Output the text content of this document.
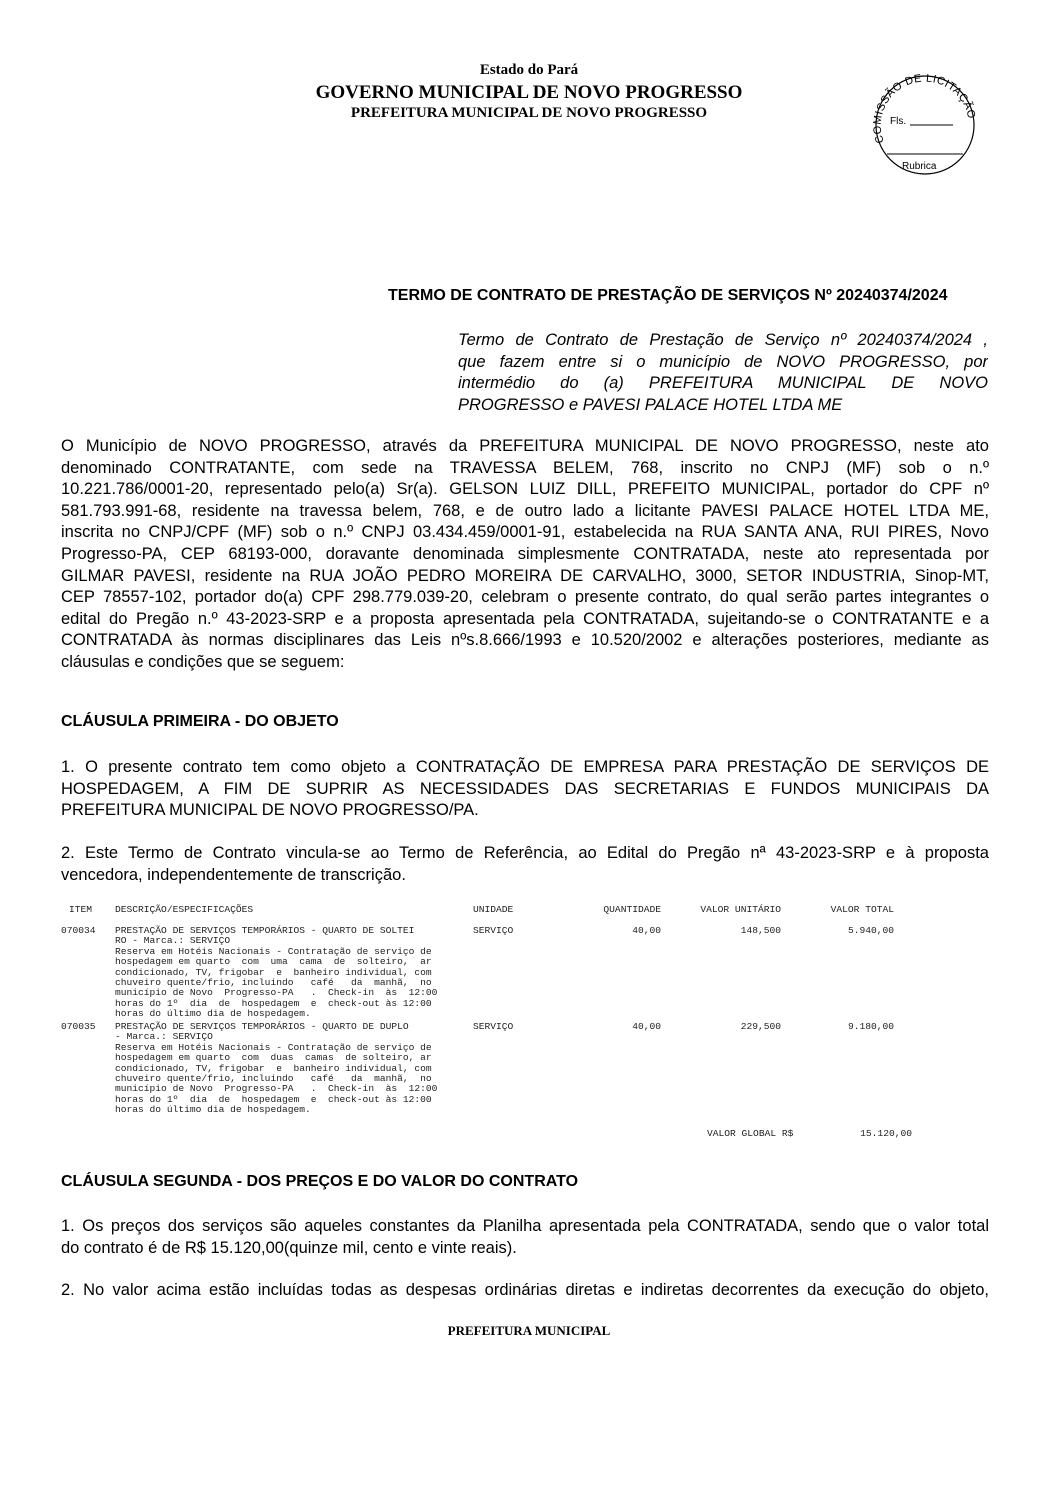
Estado do Pará
GOVERNO MUNICIPAL DE NOVO PROGRESSO
PREFEITURA MUNICIPAL DE NOVO PROGRESSO
COMISSÃO DE LICITAÇÃO
Fls.
Rubrica
TERMO DE CONTRATO DE PRESTAÇÃO DE SERVIÇOS Nº 20240374/2024
Termo de Contrato de Prestação de Serviço nº 20240374/2024 ,
que fazem entre si o município de NOVO PROGRESSO, por
intermédio do (a) PREFEITURA MUNICIPAL DE NOVO
PROGRESSO e PAVESI PALACE HOTEL LTDA ME
O Município de NOVO PROGRESSO, através da PREFEITURA MUNICIPAL DE NOVO PROGRESSO, neste ato
denominado CONTRATANTE, com sede na TRAVESSA BELEM, 768, inscrito no CNPJ (MF) sob o n.º
10.221.786/0001-20, representado pelo(a) Sr(a). GELSON LUIZ DILL, PREFEITO MUNICIPAL, portador do CPF nº
581.793.991-68, residente na travessa belem, 768, e de outro lado a licitante PAVESI PALACE HOTEL LTDA ME,
inscrita no CNPJ/CPF (MF) sob o n.º CNPJ 03.434.459/0001-91, estabelecida na RUA SANTA ANA, RUI PIRES, Novo
Progresso-PA, CEP 68193-000, doravante denominada simplesmente CONTRATADA, neste ato representada por
GILMAR PAVESI, residente na RUA JOÃO PEDRO MOREIRA DE CARVALHO, 3000, SETOR INDUSTRIA, Sinop-MT,
CEP 78557-102, portador do(a) CPF 298.779.039-20, celebram o presente contrato, do qual serão partes integrantes o
edital do Pregão n.º 43-2023-SRP e a proposta apresentada pela CONTRATADA, sujeitando-se o CONTRATANTE e a
CONTRATADA às normas disciplinares das Leis nºs.8.666/1993 e 10.520/2002 e alterações posteriores, mediante as
cláusulas e condições que se seguem:
CLÁUSULA PRIMEIRA - DO OBJETO
1. O presente contrato tem como objeto a CONTRATAÇÃO DE EMPRESA PARA PRESTAÇÃO DE SERVIÇOS DE
HOSPEDAGEM, A FIM DE SUPRIR AS NECESSIDADES DAS SECRETARIAS E FUNDOS MUNICIPAIS DA
PREFEITURA MUNICIPAL DE NOVO PROGRESSO/PA.
2. Este Termo de Contrato vincula-se ao Termo de Referência, ao Edital do Pregão nª 43-2023-SRP e à proposta
vencedora, independentemente de transcrição.
ITEM DESCRIÇÃO/ESPECIFICAÇÕES	UNIDADE	QUANTIDADE	VALOR UNITÁRIO	VALOR TOTAL
070034 PRESTAÇÃO DE SERVIÇOS TEMPORÁRIOS - QUARTO DE SOLTEI
RO - Marca.: SERVIÇO
Reserva em Hotéis Nacionais - Contratação de serviço de
hospedagem em quarto  com  uma  cama  de  solteiro,  ar
condicionado, TV, frigobar  e  banheiro individual, com
chuveiro quente/frio, incluindo   café   da  manhã,  no
município de Novo  Progresso-PA   .  Check-in  às  12:00
horas do 1º  dia  de  hospedagem  e  check-out às 12:00
horas do último dia de hospedagem.
SERVIÇO	40,00	148,500	5.940,00
070035 PRESTAÇÃO DE SERVIÇOS TEMPORÁRIOS - QUARTO DE DUPLO
- Marca.: SERVIÇO
Reserva em Hotéis Nacionais - Contratação de serviço de
hospedagem em quarto  com  duas  camas  de solteiro, ar
condicionado, TV, frigobar  e  banheiro individual, com
chuveiro quente/frio, incluindo   café   da  manhã,  no
município de Novo  Progresso-PA   .  Check-in  às  12:00
horas do 1º  dia  de  hospedagem  e  check-out às 12:00
horas do último dia de hospedagem.
SERVIÇO	40,00	229,500	9.180,00
VALOR GLOBAL R$	15.120,00
CLÁUSULA SEGUNDA - DOS PREÇOS E DO VALOR DO CONTRATO
1. Os preços dos serviços são aqueles constantes da Planilha apresentada pela CONTRATADA, sendo que o valor total
do contrato é de R$ 15.120,00(quinze mil, cento e vinte reais).
2. No valor acima estão incluídas todas as despesas ordinárias diretas e indiretas decorrentes da execução do objeto,
PREFEITURA MUNICIPAL
